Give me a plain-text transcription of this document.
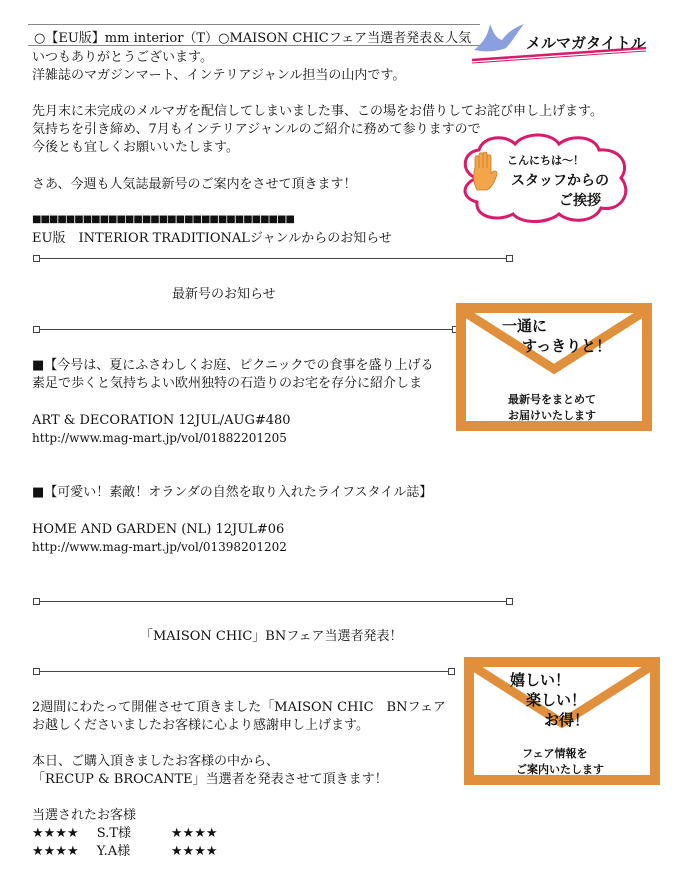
○【EU版】mm interior（T）○MAISON CHICフェア当選者発表＆人気
いつもありがとうございます。
洋雑誌のマガジンマート、インテリアジャンル担当の山内です。
先月末に未完成のメルマガを配信してしまいました事、この場をお借りしてお詫び申し上げます。
気持ちを引き締め、7月もインテリアジャンルのご紹介に務めて参りますので
今後とも宜しくお願いいたします。
さあ、今週も人気誌最新号のご案内をさせて頂きます！
■■■■■■■■■■■■■■■■■■■■■■■■■■■■■■■
EU版　INTERIOR TRADITIONALジャンルからのお知らせ
最新号のお知らせ
■【今号は、夏にふさわしくお庭、ピクニックでの食事を盛り上げる
素足で歩くと気持ちよい欧州独特の石造りのお宅を存分に紹介しま
ART & DECORATION 12JUL/AUG#480
http://www.mag-mart.jp/vol/01882201205
■【可愛い！素敵！オランダの自然を取り入れたライフスタイル誌】
HOME AND GARDEN (NL) 12JUL#06
http://www.mag-mart.jp/vol/01398201202
「MAISON CHIC」BNフェア当選者発表！
2週間にわたって開催させて頂きました「MAISON CHIC　BNフェア
お越しくださいましたお客様に心より感謝申し上げます。
本日、ご購入頂きましたお客様の中から、
「RECUP & BROCANTE」当選者を発表させて頂きます！
当選されたお客様
★★★★ S.T様	★★★★
★★★★ Y.A様	★★★★
メルマガタイトル
こんにちは～！
スタッフからの
ご挨拶
一通に
すっきりと！
最新号をまとめて
お届けいたします
嬉しい！
楽しい！
お得！
フェア情報を
ご案内いたします
